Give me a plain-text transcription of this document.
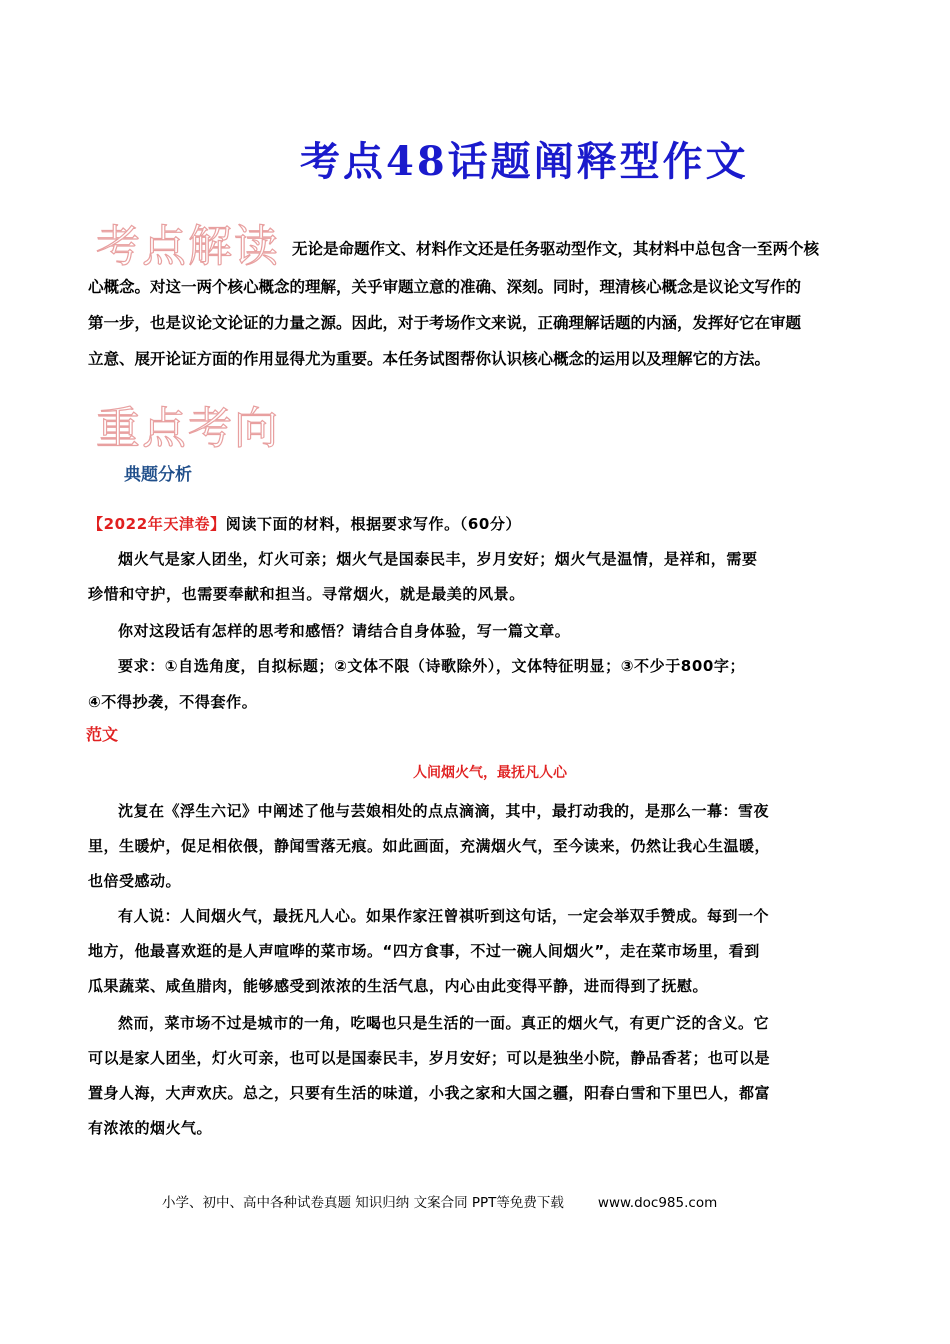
考点48话题阐释型作文
考点解读 无论是命题作文、材料作文还是任务驱动型作文，其材料中总包含一至两个核
心概念。对这一两个核心概念的理解，关乎审题立意的准确、深刻。同时，理清核心概念是议论文写作的
第一步，也是议论文论证的力量之源。因此，对于考场作文来说，正确理解话题的内涵，发挥好它在审题
立意、展开论证方面的作用显得尤为重要。本任务试图帮你认识核心概念的运用以及理解它的方法。
重点考向
典题分析
【2022年天津卷】阅读下面的材料，根据要求写作。（60分）
烟火气是家人团坐，灯火可亲；烟火气是国泰民丰，岁月安好；烟火气是温情，是祥和，需要
珍惜和守护，也需要奉献和担当。寻常烟火，就是最美的风景。
你对这段话有怎样的思考和感悟？请结合自身体验，写一篇文章。
要求：①自选角度，自拟标题；②文体不限（诗歌除外），文体特征明显；③不少于800字；
④不得抄袭，不得套作。
范文
人间烟火气，最抚凡人心
沈复在《浮生六记》中阐述了他与芸娘相处的点点滴滴，其中，最打动我的，是那么一幕：雪夜
里，生暖炉，促足相依偎，静闻雪落无痕。如此画面，充满烟火气，至今读来，仍然让我心生温暖，
也倍受感动。
有人说：人间烟火气，最抚凡人心。如果作家汪曾祺听到这句话，一定会举双手赞成。每到一个
地方，他最喜欢逛的是人声喧哗的菜市场。“四方食事，不过一碗人间烟火”，走在菜市场里，看到
瓜果蔬菜、咸鱼腊肉，能够感受到浓浓的生活气息，内心由此变得平静，进而得到了抚慰。
然而，菜市场不过是城市的一角，吃喝也只是生活的一面。真正的烟火气，有更广泛的含义。它
可以是家人团坐，灯火可亲，也可以是国泰民丰，岁月安好；可以是独坐小院，静品香茗；也可以是
置身人海，大声欢庆。总之，只要有生活的味道，小我之家和大国之疆，阳春白雪和下里巴人，都富
有浓浓的烟火气。
小学、初中、高中各种试卷真题 知识归纳 文案合同 PPT等免费下载	www.doc985.com
